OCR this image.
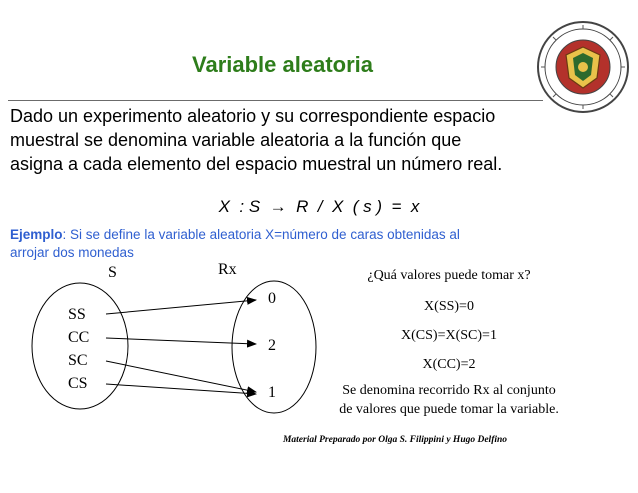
Variable aleatoria
Dado un experimento aleatorio y su correspondiente espacio
muestral se denomina variable aleatoria a la función que
asigna a cada elemento del espacio muestral un número real.
X  : S  →  R  /  X  ( s )  =  x
Ejemplo: Si se define la variable aleatoria X=número de caras obtenidas al
arrojar dos monedas
S	Rx
SS
CC
SC
CS
0
2
1
¿Quá valores puede tomar x?
X(SS)=0
X(CS)=X(SC)=1
X(CC)=2
Se denomina recorrido Rx al conjunto
de valores que puede tomar la variable.
Material Preparado por Olga S. Filippini y Hugo Delfino
